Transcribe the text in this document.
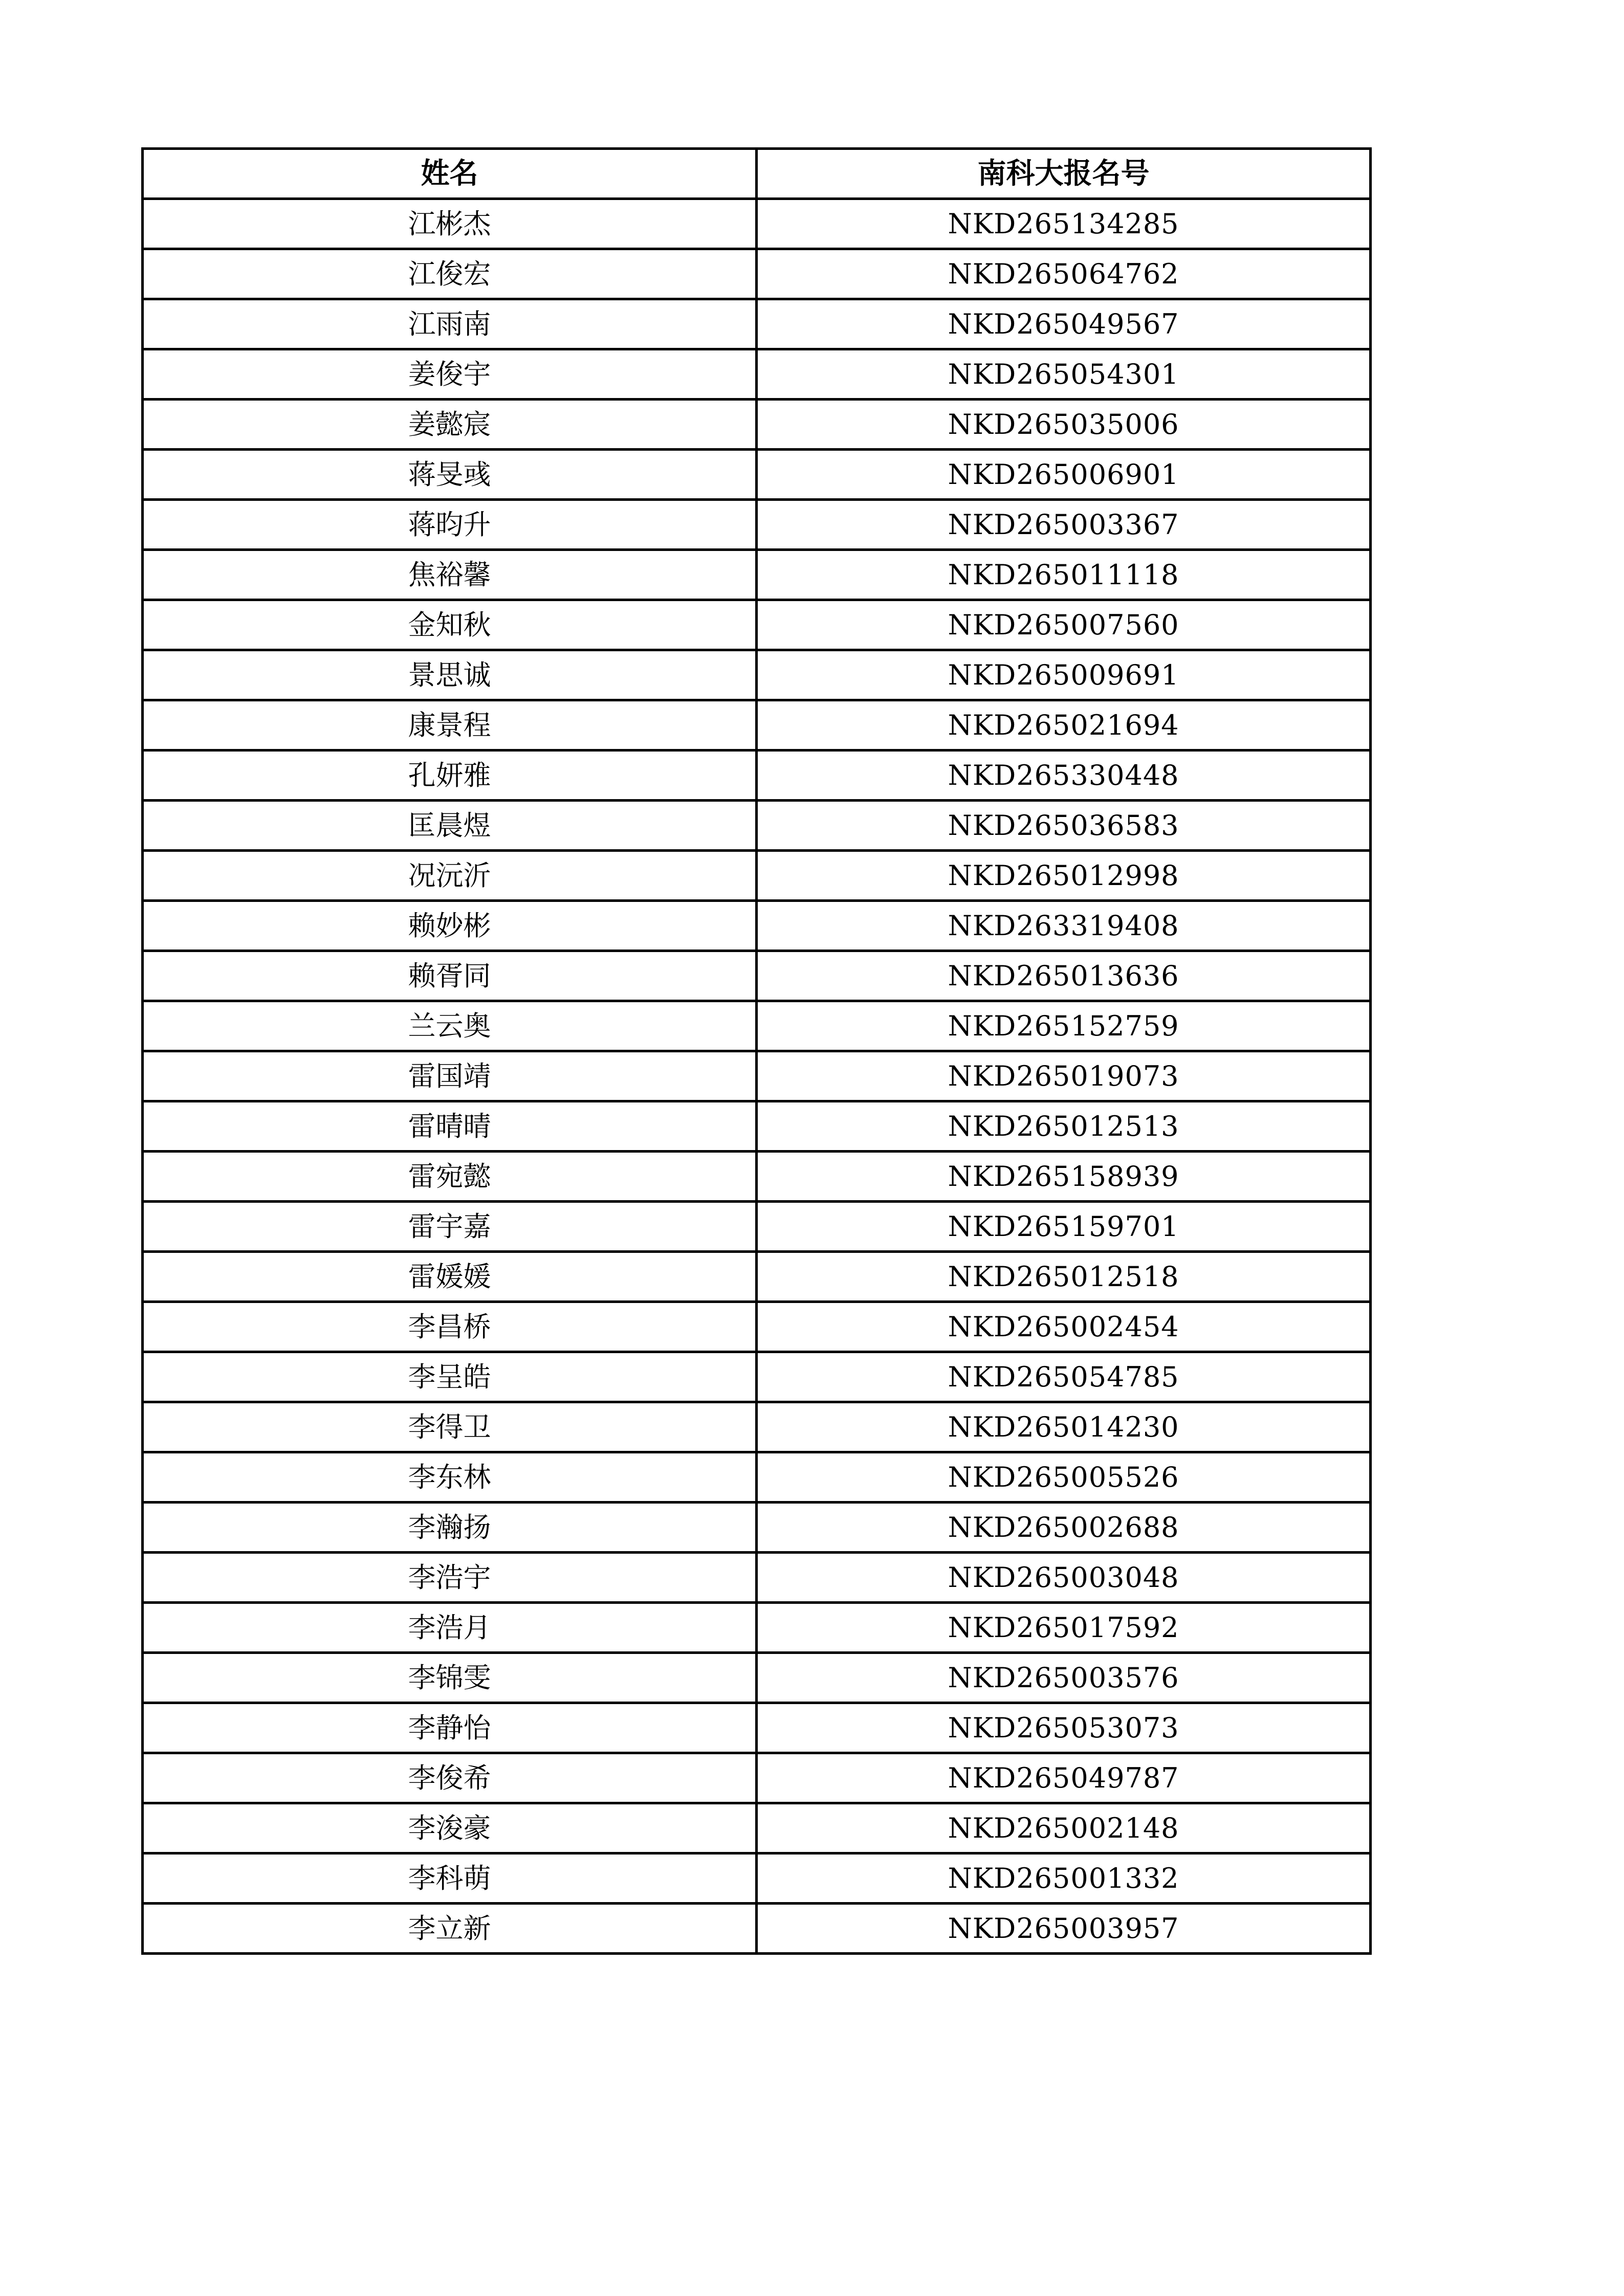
姓名	南科大报名号
江彬杰	NKD265134285
江俊宏	NKD265064762
江雨南	NKD265049567
姜俊宇	NKD265054301
姜懿宸	NKD265035006
蒋旻彧	NKD265006901
蒋昀升	NKD265003367
焦裕馨	NKD265011118
金知秋	NKD265007560
景思诚	NKD265009691
康景程	NKD265021694
孔妍雅	NKD265330448
匡晨煜	NKD265036583
况沅沂	NKD265012998
赖妙彬	NKD263319408
赖胥同	NKD265013636
兰云奥	NKD265152759
雷国靖	NKD265019073
雷晴晴	NKD265012513
雷宛懿	NKD265158939
雷宇嘉	NKD265159701
雷媛媛	NKD265012518
李昌桥	NKD265002454
李呈皓	NKD265054785
李得卫	NKD265014230
李东林	NKD265005526
李瀚扬	NKD265002688
李浩宇	NKD265003048
李浩月	NKD265017592
李锦雯	NKD265003576
李静怡	NKD265053073
李俊希	NKD265049787
李浚豪	NKD265002148
李科萌	NKD265001332
李立新	NKD265003957
